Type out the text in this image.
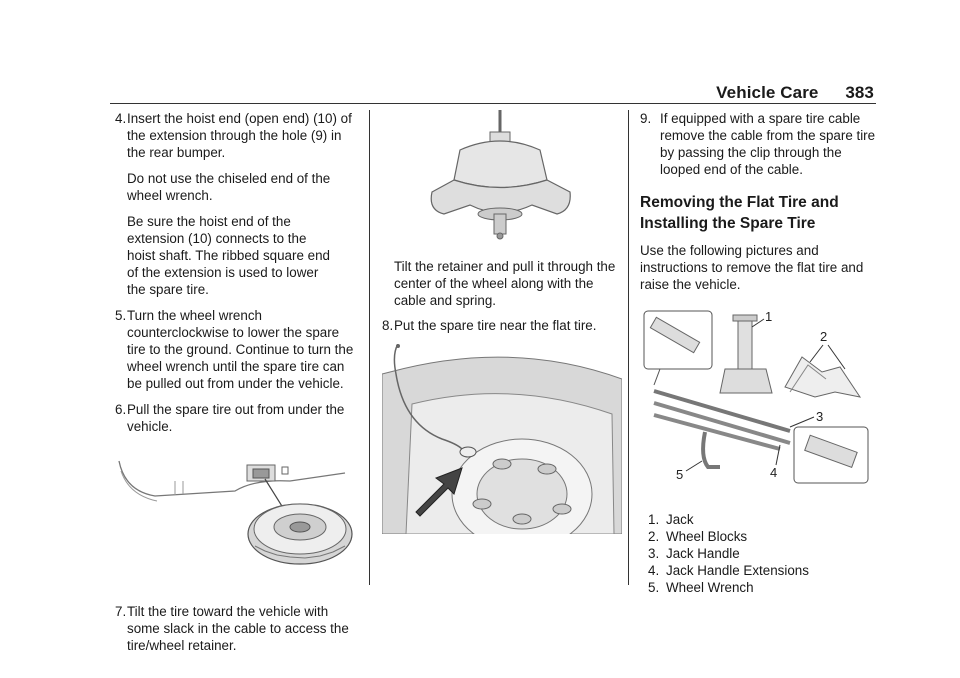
Vehicle Care 383
4. Insert the hoist end (open end) (10) of the extension through the hole (9) in the rear bumper.

Do not use the chiseled end of the wheel wrench.

Be sure the hoist end of the extension (10) connects to the hoist shaft. The ribbed square end of the extension is used to lower the spare tire.

5. Turn the wheel wrench counterclockwise to lower the spare tire to the ground. Continue to turn the wheel wrench until the spare tire can be pulled out from under the vehicle.
6. Pull the spare tire out from under the vehicle.
7. Tilt the tire toward the vehicle with some slack in the cable to access the tire/wheel retainer.

Tilt the retainer and pull it through the center of the wheel along with the cable and spring.

8. Put the spare tire near the flat tire.
9. If equipped with a spare tire cable remove the cable from the spare tire by passing the clip through the looped end of the cable.
Removing the Flat Tire and Installing the Spare Tire

Use the following pictures and instructions to remove the flat tire and raise the vehicle.

1
2
3
4
5
1. Jack
2. Wheel Blocks
3. Jack Handle
4. Jack Handle Extensions
5. Wheel Wrench
